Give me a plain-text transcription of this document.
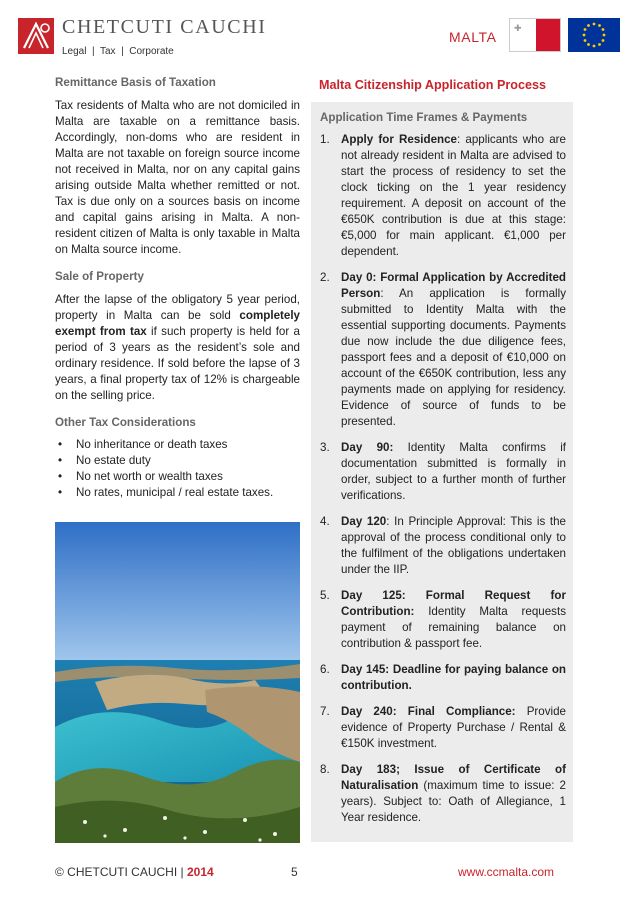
CHETCUTI CAUCHI
Legal  |  Tax  |  Corporate
MALTA
✚

Remittance Basis of Taxation

Tax residents of Malta who are not domiciled in Malta are taxable on a remittance basis. Accordingly, non-doms who are resident in Malta are not taxable on foreign source income not received in Malta, nor on any capital gains arising outside Malta whether remitted or not. Tax is due only on a sources basis on income and capital gains arising in Malta. A non-resident citizen of Malta is only taxable in Malta on Malta source income.

Sale of Property

After the lapse of the obligatory 5 year period, property in Malta can be sold completely exempt from tax if such property is held for a period of 3 years as the resident’s sole and ordinary residence. If sold before the lapse of 3 years, a final property tax of 12% is chargeable on the selling price.

Other Tax Considerations

• No inheritance or death taxes
• No estate duty
• No net worth or wealth taxes
• No rates, municipal / real estate taxes.

Malta Citizenship Application Process

Application Time Frames & Payments
1. Apply for Residence: applicants who are not already resident in Malta are advised to start the process of residency to set the clock ticking on the 1 year residency requirement. A deposit on account of the €650K contribution is due at this stage: €5,000 for main applicant. €1,000 per dependent.
2. Day 0: Formal Application by Accredited Person: An application is formally submitted to Identity Malta with the essential supporting documents. Payments due now include the due diligence fees, passport fees and a deposit of €10,000 on account of the €650K contribution, less any payments made on applying for residency. Evidence of source of funds to be presented.
3. Day 90: Identity Malta confirms if documentation submitted is formally in order, subject to a further month of further verifications.
4. Day 120: In Principle Approval: This is the approval of the process conditional only to the fulfilment of the obligations undertaken under the IIP.
5. Day 125: Formal Request for Contribution: Identity Malta requests payment of remaining balance on contribution & passport fee.
6. Day 145: Deadline for paying balance on contribution.
7. Day 240: Final Compliance: Provide evidence of Property Purchase / Rental & €150K investment.
8. Day 183; Issue of Certificate of Naturalisation (maximum time to issue: 2 years). Subject to: Oath of Allegiance, 1 Year residence.
© CHETCUTI CAUCHI | 2014	5	www.ccmalta.com
